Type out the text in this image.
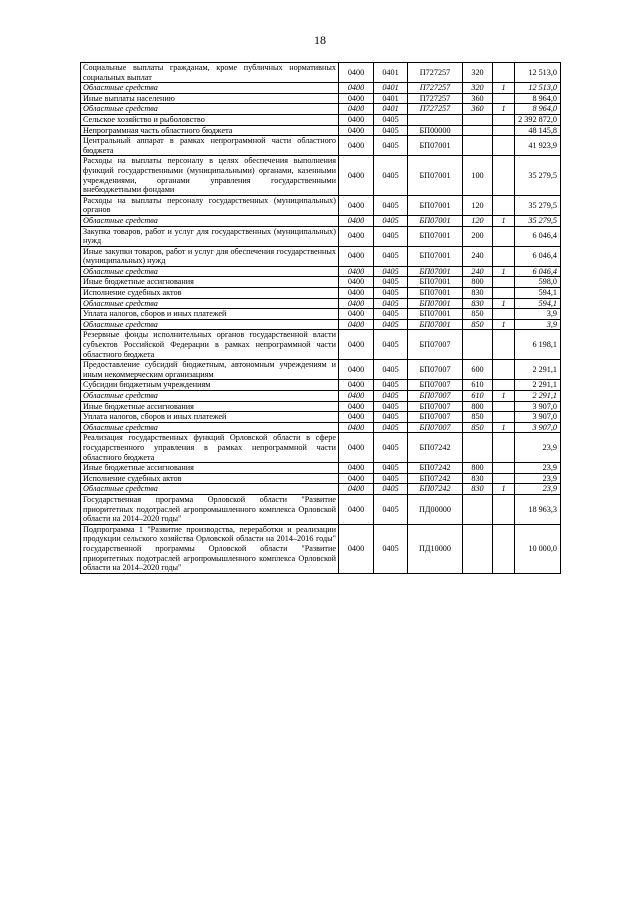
18
Социальные выплаты гражданам, кроме публичных нормативных социальных выплат	0400	0401	П727257	320		12 513,0
Областные средства	0400	0401	П727257	320	1	12 513,0
Иные выплаты населению	0400	0401	П727257	360		8 964,0
Областные средства	0400	0401	П727257	360	1	8 964,0
Сельское хозяйство и рыболовство	0400	0405				2 392 872,0
Непрограммная часть областного бюджета	0400	0405	БП00000			48 145,8
Центральный аппарат в рамках непрограммной части областного бюджета	0400	0405	БП07001			41 923,9
Расходы на выплаты персоналу в целях обеспечения выполнения функций государственными (муниципальными) органами, казенными учреждениями, органами управления государственными внебюджетными фондами	0400	0405	БП07001	100		35 279,5
Расходы на выплаты персоналу государственных (муниципальных) органов	0400	0405	БП07001	120		35 279,5
Областные средства	0400	0405	БП07001	120	1	35 279,5
Закупка товаров, работ и услуг для государственных (муниципальных) нужд	0400	0405	БП07001	200		6 046,4
Иные закупки товаров, работ и услуг для обеспечения государственных (муниципальных) нужд	0400	0405	БП07001	240		6 046,4
Областные средства	0400	0405	БП07001	240	1	6 046,4
Иные бюджетные ассигнования	0400	0405	БП07001	800		598,0
Исполнение судебных актов	0400	0405	БП07001	830		594,1
Областные средства	0400	0405	БП07001	830	1	594,1
Уплата налогов, сборов и иных платежей	0400	0405	БП07001	850		3,9
Областные средства	0400	0405	БП07001	850	1	3,9
Резервные фонды исполнительных органов государственной власти субъектов Российской Федерации в рамках непрограммной части областного бюджета	0400	0405	БП07007			6 198,1
Предоставление субсидий бюджетным, автономным учреждениям и иным некоммерческим организациям	0400	0405	БП07007	600		2 291,1
Субсидии бюджетным учреждениям	0400	0405	БП07007	610		2 291,1
Областные средства	0400	0405	БП07007	610	1	2 291,1
Иные бюджетные ассигнования	0400	0405	БП07007	800		3 907,0
Уплата налогов, сборов и иных платежей	0400	0405	БП07007	850		3 907,0
Областные средства	0400	0405	БП07007	850	1	3 907,0
Реализация государственных функций Орловской области в сфере государственного управления в рамках непрограммной части областного бюджета	0400	0405	БП07242			23,9
Иные бюджетные ассигнования	0400	0405	БП07242	800		23,9
Исполнение судебных актов	0400	0405	БП07242	830		23,9
Областные средства	0400	0405	БП07242	830	1	23,9
Государственная программа Орловской области "Развитие приоритетных подотраслей агропромышленного комплекса Орловской области на 2014–2020 годы"	0400	0405	ПД00000			18 963,3
Подпрограмма 1 "Развитие производства, переработки и реализации продукции сельского хозяйства Орловской области на 2014–2016 годы" государственной программы Орловской области "Развитие приоритетных подотраслей агропромышленного комплекса Орловской области на 2014–2020 годы"	0400	0405	ПД10000			10 000,0
